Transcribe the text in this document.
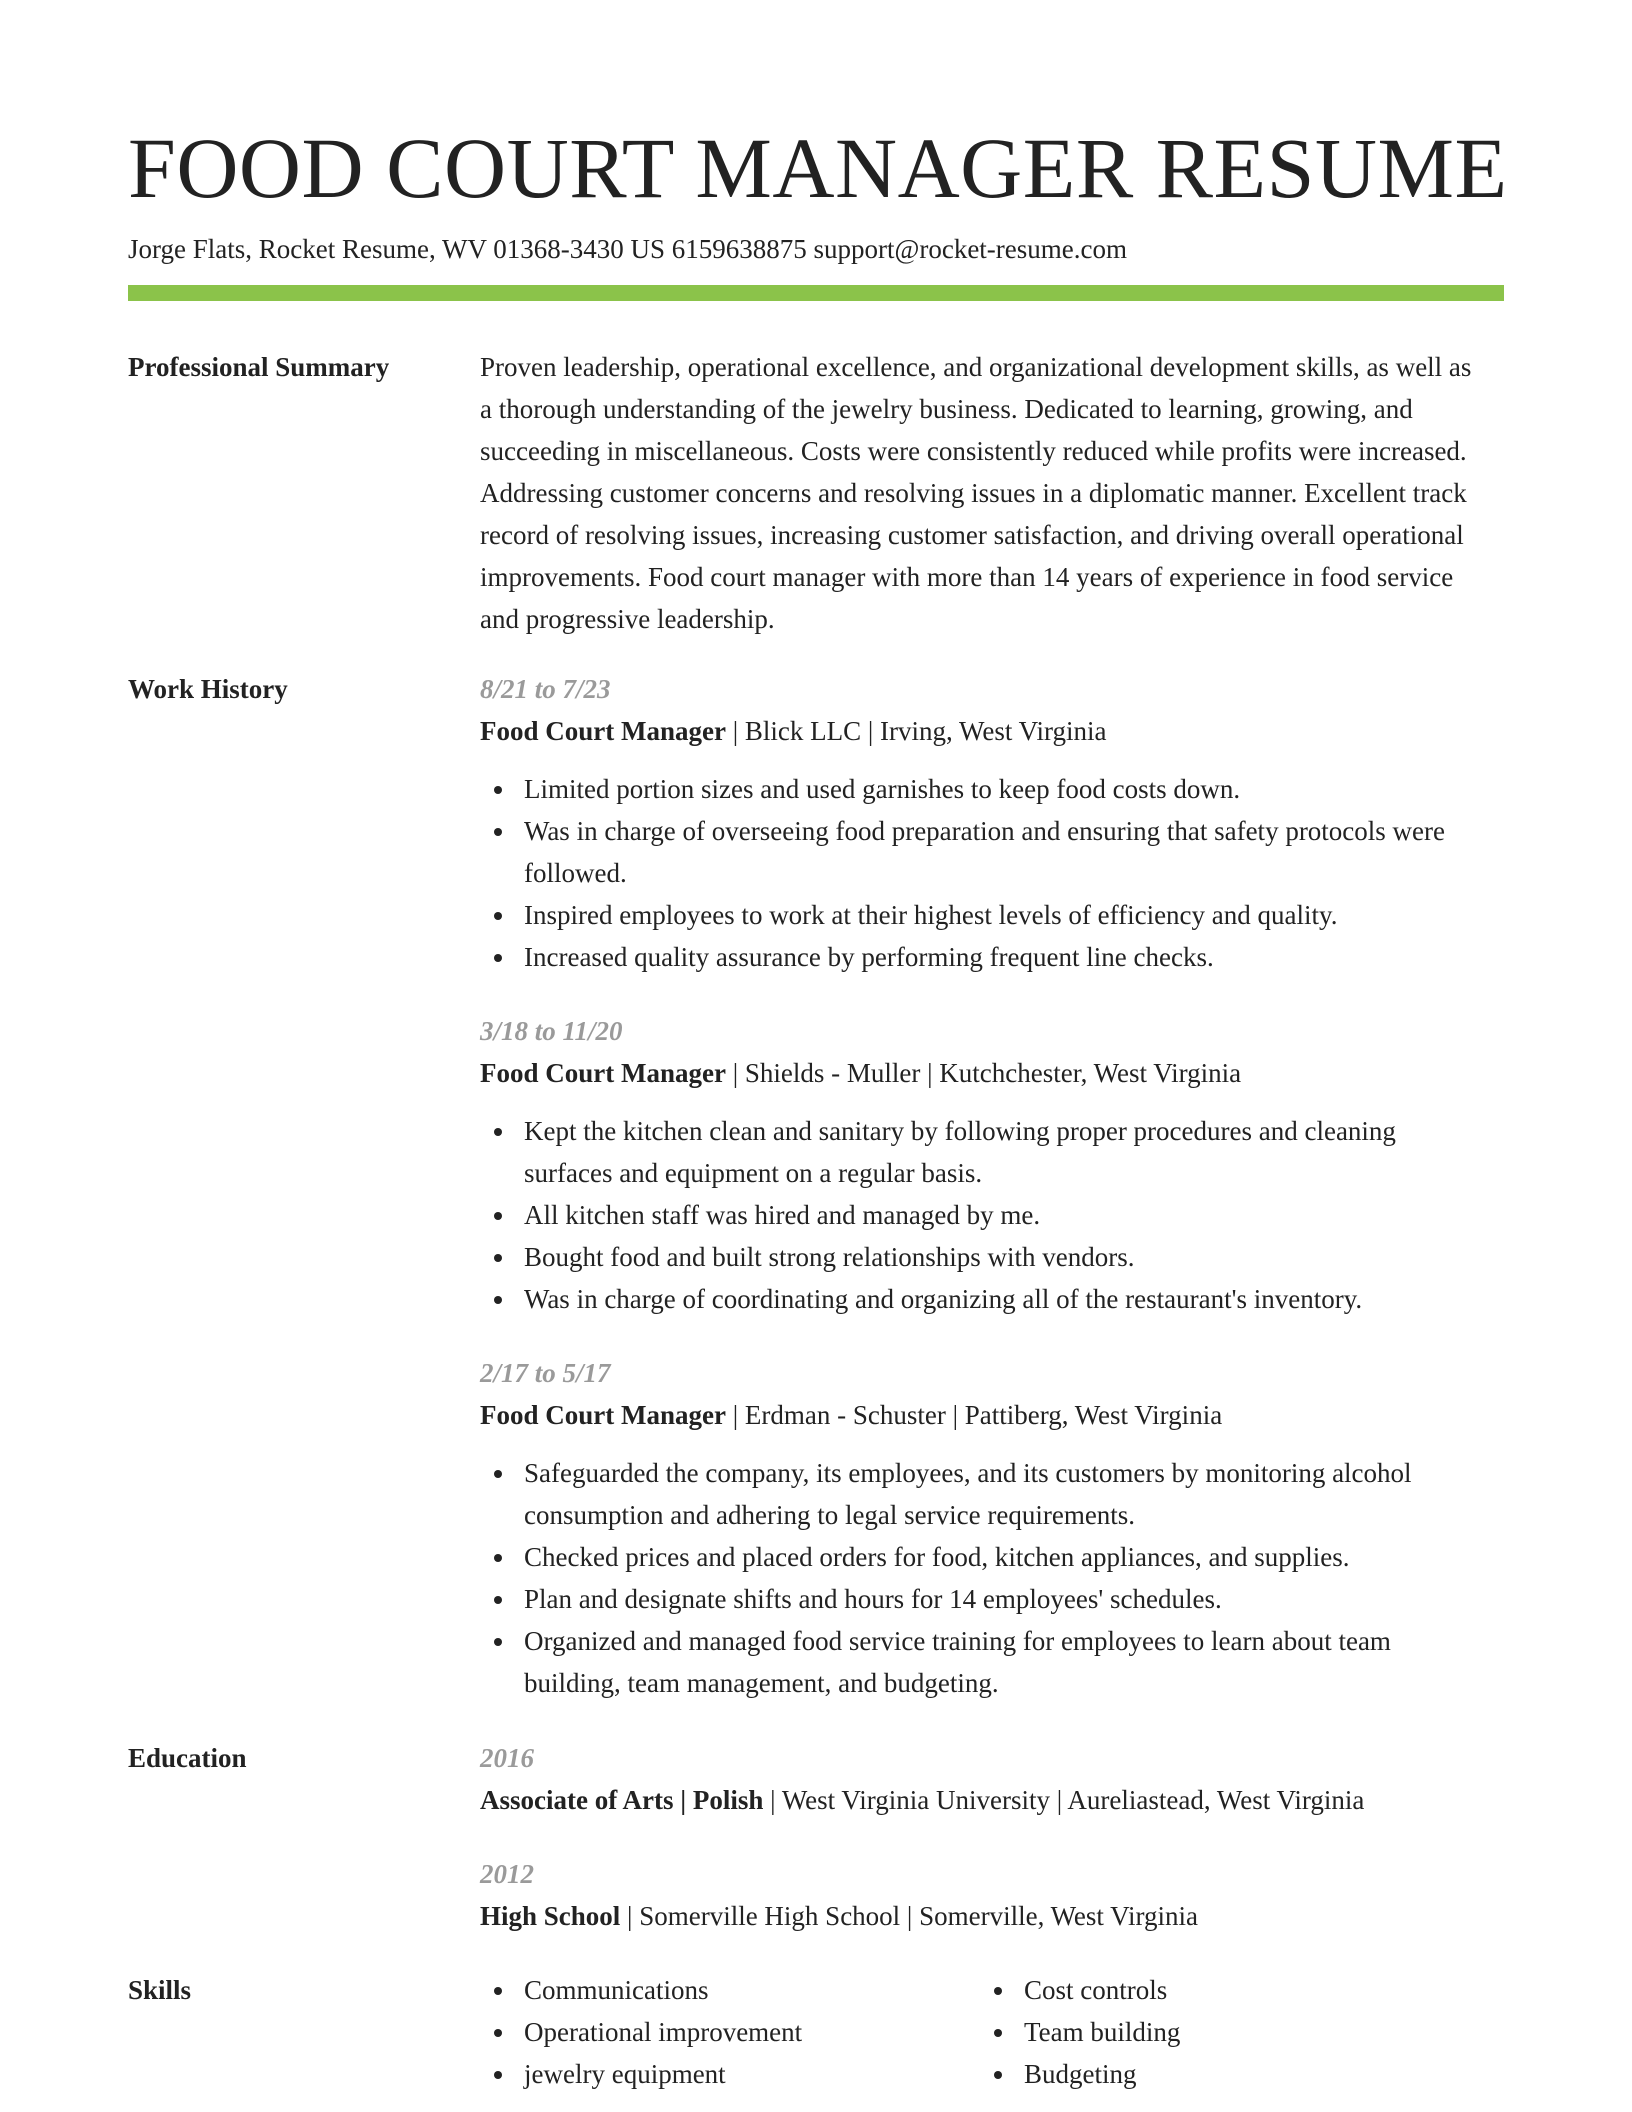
FOOD COURT MANAGER RESUME
Jorge Flats, Rocket Resume, WV 01368-3430 US 6159638875 support@rocket-resume.com
Professional Summary	Proven leadership, operational excellence, and organizational development skills, as well as a thorough understanding of the jewelry business. Dedicated to learning, growing, and succeeding in miscellaneous. Costs were consistently reduced while profits were increased. Addressing customer concerns and resolving issues in a diplomatic manner. Excellent track record of resolving issues, increasing customer satisfaction, and driving overall operational improvements. Food court manager with more than 14 years of experience in food service and progressive leadership.

Work History	8/21 to 7/23
Food Court Manager | Blick LLC | Irving, West Virginia
Limited portion sizes and used garnishes to keep food costs down.
Was in charge of overseeing food preparation and ensuring that safety protocols were followed.
Inspired employees to work at their highest levels of efficiency and quality.
Increased quality assurance by performing frequent line checks.
3/18 to 11/20
Food Court Manager | Shields - Muller | Kutchchester, West Virginia
Kept the kitchen clean and sanitary by following proper procedures and cleaning surfaces and equipment on a regular basis.
All kitchen staff was hired and managed by me.
Bought food and built strong relationships with vendors.
Was in charge of coordinating and organizing all of the restaurant's inventory.
2/17 to 5/17
Food Court Manager | Erdman - Schuster | Pattiberg, West Virginia
Safeguarded the company, its employees, and its customers by monitoring alcohol consumption and adhering to legal service requirements.
Checked prices and placed orders for food, kitchen appliances, and supplies.
Plan and designate shifts and hours for 14 employees' schedules.
Organized and managed food service training for employees to learn about team building, team management, and budgeting.
Education	2016
Associate of Arts | Polish | West Virginia University | Aureliastead, West Virginia
2012
High School | Somerville High School | Somerville, West Virginia
Skills	Communications
Operational improvement
jewelry equipment
Cost controls
Team building
Budgeting
